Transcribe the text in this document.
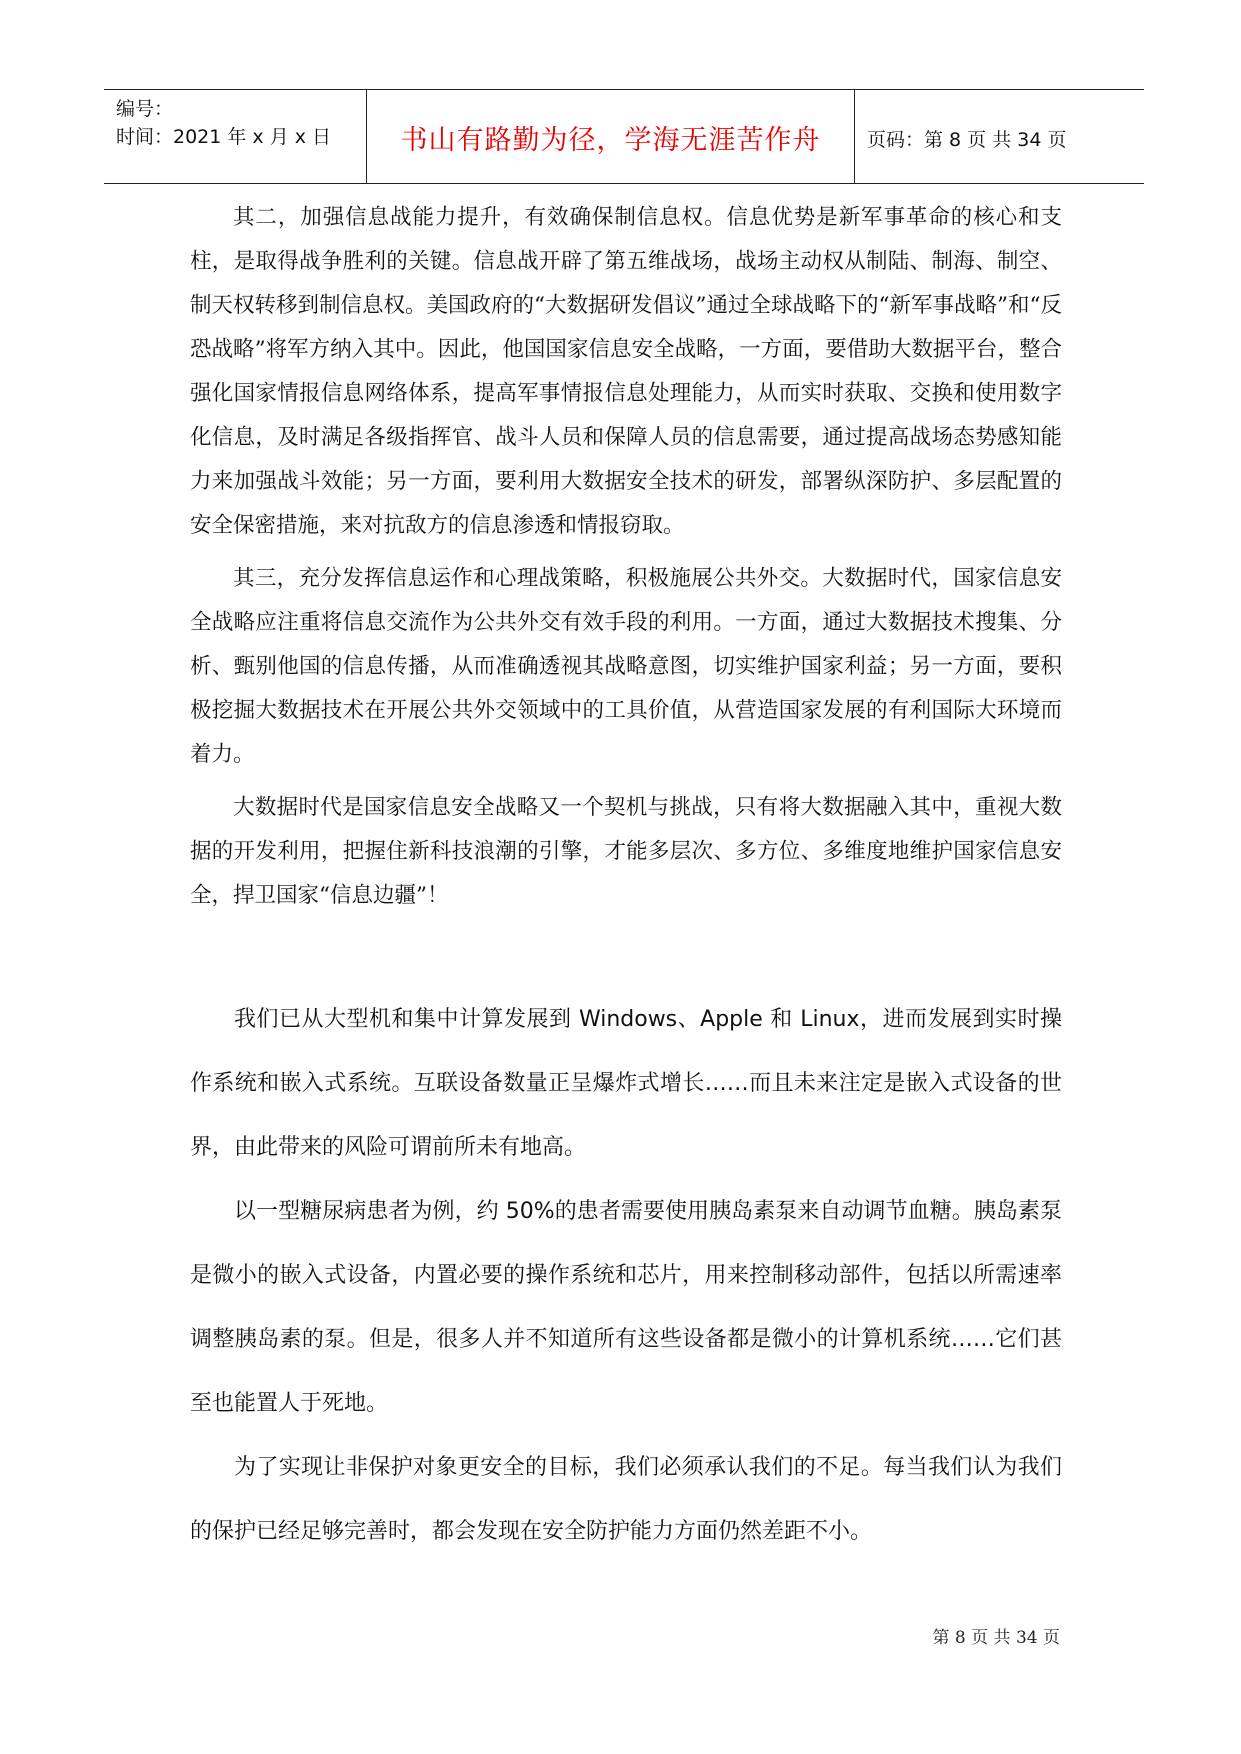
编号：
时间：2021 年 x 月 x 日	书山有路勤为径，学海无涯苦作舟	页码：第 8 页 共 34 页

其二，加强信息战能力提升，有效确保制信息权。信息优势是新军事革命的核心和支柱，是取得战争胜利的关键。信息战开辟了第五维战场，战场主动权从制陆、制海、制空、制天权转移到制信息权。美国政府的“大数据研发倡议”通过全球战略下的“新军事战略”和“反恐战略”将军方纳入其中。因此，他国国家信息安全战略，一方面，要借助大数据平台，整合强化国家情报信息网络体系，提高军事情报信息处理能力，从而实时获取、交换和使用数字化信息，及时满足各级指挥官、战斗人员和保障人员的信息需要，通过提高战场态势感知能力来加强战斗效能；另一方面，要利用大数据安全技术的研发，部署纵深防护、多层配置的安全保密措施，来对抗敌方的信息渗透和情报窃取。

其三，充分发挥信息运作和心理战策略，积极施展公共外交。大数据时代，国家信息安全战略应注重将信息交流作为公共外交有效手段的利用。一方面，通过大数据技术搜集、分析、甄别他国的信息传播，从而准确透视其战略意图，切实维护国家利益；另一方面，要积极挖掘大数据技术在开展公共外交领域中的工具价值，从营造国家发展的有利国际大环境而着力。

大数据时代是国家信息安全战略又一个契机与挑战，只有将大数据融入其中，重视大数据的开发利用，把握住新科技浪潮的引擎，才能多层次、多方位、多维度地维护国家信息安全，捍卫国家“信息边疆”！

我们已从大型机和集中计算发展到 Windows、Apple 和 Linux，进而发展到实时操作系统和嵌入式系统。互联设备数量正呈爆炸式增长……而且未来注定是嵌入式设备的世界，由此带来的风险可谓前所未有地高。

以一型糖尿病患者为例，约 50%的患者需要使用胰岛素泵来自动调节血糖。胰岛素泵是微小的嵌入式设备，内置必要的操作系统和芯片，用来控制移动部件，包括以所需速率调整胰岛素的泵。但是，很多人并不知道所有这些设备都是微小的计算机系统……它们甚至也能置人于死地。

为了实现让非保护对象更安全的目标，我们必须承认我们的不足。每当我们认为我们的保护已经足够完善时，都会发现在安全防护能力方面仍然差距不小。

第 8 页 共 34 页
